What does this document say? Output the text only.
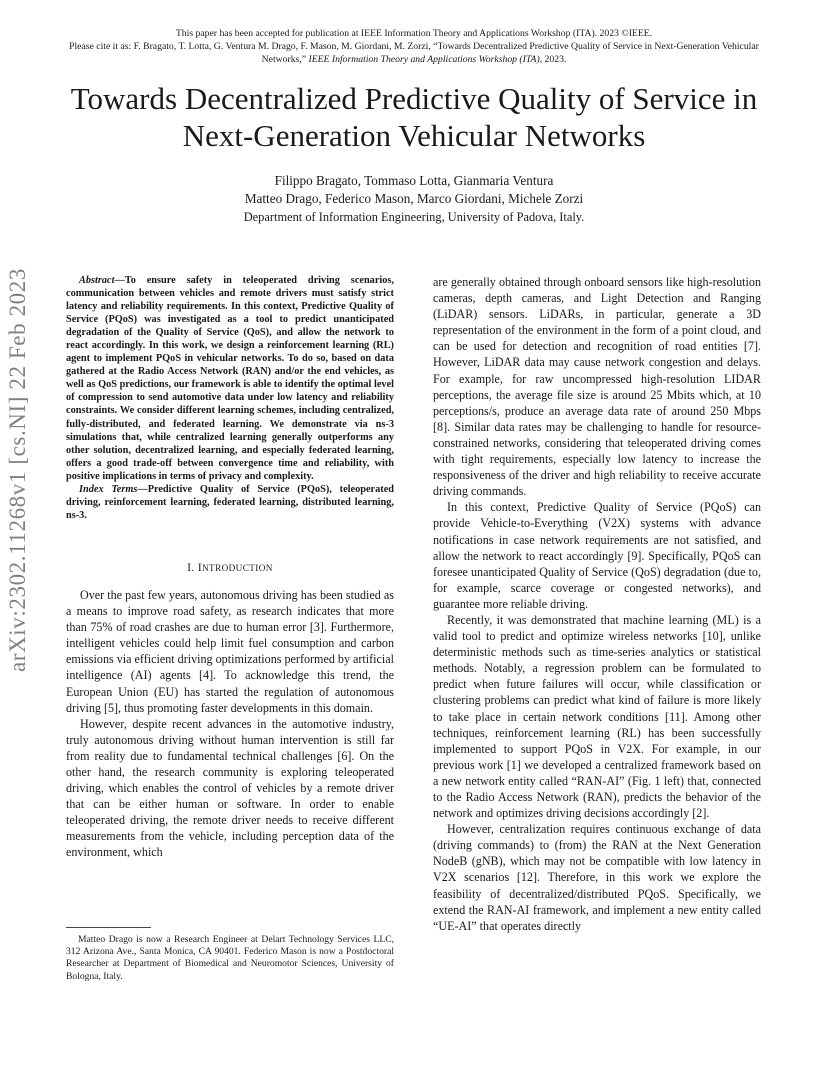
This paper has been accepted for publication at IEEE Information Theory and Applications Workshop (ITA). 2023 ©IEEE.
Please cite it as: F. Bragato, T. Lotta, G. Ventura M. Drago, F. Mason, M. Giordani, M. Zorzi, “Towards Decentralized Predictive Quality of Service in Next-Generation Vehicular Networks,” IEEE Information Theory and Applications Workshop (ITA), 2023.
Towards Decentralized Predictive Quality of Service in Next-Generation Vehicular Networks
Filippo Bragato, Tommaso Lotta, Gianmaria Ventura
Matteo Drago, Federico Mason, Marco Giordani, Michele Zorzi
Department of Information Engineering, University of Padova, Italy.
arXiv:2302.11268v1 [cs.NI] 22 Feb 2023	Abstract—To ensure safety in teleoperated driving scenarios, communication between vehicles and remote drivers must satisfy strict latency and reliability requirements. In this context, Predictive Quality of Service (PQoS) was investigated as a tool to predict unanticipated degradation of the Quality of Service (QoS), and allow the network to react accordingly. In this work, we design a reinforcement learning (RL) agent to implement PQoS in vehicular networks. To do so, based on data gathered at the Radio Access Network (RAN) and/or the end vehicles, as well as QoS predictions, our framework is able to identify the optimal level of compression to send automotive data under low latency and reliability constraints. We consider different learning schemes, including centralized, fully-distributed, and federated learning. We demonstrate via ns-3 simulations that, while centralized learning generally outperforms any other solution, decentralized learning, and especially federated learning, offers a good trade-off between convergence time and reliability, with positive implications in terms of privacy and complexity.

Index Terms—Predictive Quality of Service (PQoS), teleoperated driving, reinforcement learning, federated learning, distributed learning, ns-3.

I. INTRODUCTION

Over the past few years, autonomous driving has been studied as a means to improve road safety, as research indicates that more than 75% of road crashes are due to human error [3]. Furthermore, intelligent vehicles could help limit fuel consumption and carbon emissions via efficient driving optimizations performed by artificial intelligence (AI) agents [4]. To acknowledge this trend, the European Union (EU) has started the regulation of autonomous driving [5], thus promoting faster developments in this domain.

However, despite recent advances in the automotive industry, truly autonomous driving without human intervention is still far from reality due to fundamental technical challenges [6]. On the other hand, the research community is exploring teleoperated driving, which enables the control of vehicles by a remote driver that can be either human or software. In order to enable teleoperated driving, the remote driver needs to receive different measurements from the vehicle, including perception data of the environment, which

Matteo Drago is now a Research Engineer at Delart Technology Services LLC, 312 Arizona Ave., Santa Monica, CA 90401. Federico Mason is now a Postdoctoral Researcher at Department of Biomedical and Neuromotor Sciences, University of Bologna, Italy.

are generally obtained through onboard sensors like high-resolution cameras, depth cameras, and Light Detection and Ranging (LiDAR) sensors. LiDARs, in particular, generate a 3D representation of the environment in the form of a point cloud, and can be used for detection and recognition of road entities [7]. However, LiDAR data may cause network congestion and delays. For example, for raw uncompressed high-resolution LIDAR perceptions, the average file size is around 25 Mbits which, at 10 perceptions/s, produce an average data rate of around 250 Mbps [8]. Similar data rates may be challenging to handle for resource-constrained networks, considering that teleoperated driving comes with tight requirements, especially low latency to increase the responsiveness of the driver and high reliability to receive accurate driving commands.

In this context, Predictive Quality of Service (PQoS) can provide Vehicle-to-Everything (V2X) systems with advance notifications in case network requirements are not satisfied, and allow the network to react accordingly [9]. Specifically, PQoS can foresee unanticipated Quality of Service (QoS) degradation (due to, for example, scarce coverage or congested networks), and guarantee more reliable driving.

Recently, it was demonstrated that machine learning (ML) is a valid tool to predict and optimize wireless networks [10], unlike deterministic methods such as time-series analytics or statistical methods. Notably, a regression problem can be formulated to predict when future failures will occur, while classification or clustering problems can predict what kind of failure is more likely to take place in certain network conditions [11]. Among other techniques, reinforcement learning (RL) has been successfully implemented to support PQoS in V2X. For example, in our previous work [1] we developed a centralized framework based on a new network entity called “RAN-AI” (Fig. 1 left) that, connected to the Radio Access Network (RAN), predicts the behavior of the network and optimizes driving decisions accordingly [2].

However, centralization requires continuous exchange of data (driving commands) to (from) the RAN at the Next Generation NodeB (gNB), which may not be compatible with low latency in V2X scenarios [12]. Therefore, in this work we explore the feasibility of decentralized/distributed PQoS. Specifically, we extend the RAN-AI framework, and implement a new entity called “UE-AI” that operates directly
